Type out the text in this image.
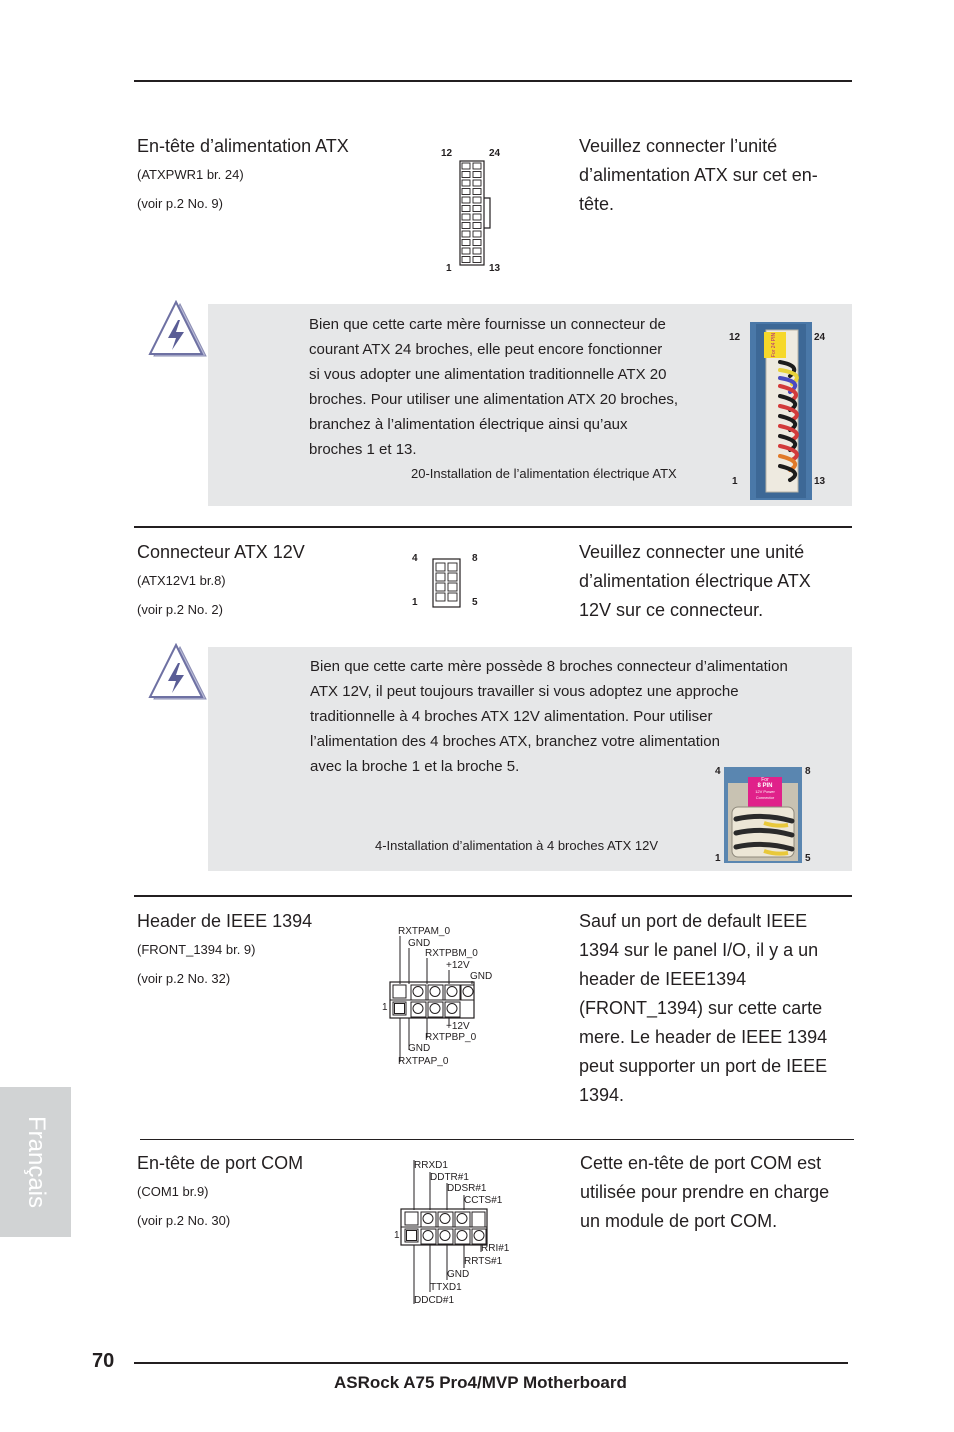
En-tête d’alimentation ATX
(ATXPWR1 br. 24)
(voir p.2 No. 9)
12	24
1	13
Veuillez connecter l’unité
d’alimentation ATX sur cet en-
tête.
Bien que cette carte mère fournisse un connecteur de
courant ATX 24 broches, elle peut encore fonctionner
si vous adopter une alimentation traditionnelle ATX 20
broches. Pour utiliser une alimentation ATX 20 broches,
branchez à l’alimentation électrique ainsi qu’aux
broches 1 et 13.
20-Installation de l’alimentation électrique ATX
12	24
1	13
For 24 PIN
Connecteur ATX 12V
(ATX12V1 br.8)
(voir p.2 No. 2)
4	8
1	5
Veuillez connecter une unité
d’alimentation électrique ATX
12V sur ce connecteur.
Bien que cette carte mère possède 8 broches connecteur d’alimentation
ATX 12V, il peut toujours travailler si vous adoptez une approche
traditionnelle à 4 broches ATX 12V alimentation. Pour utiliser
l’alimentation des 4 broches ATX, branchez votre alimentation
avec la broche 1 et la broche 5.
4-Installation d’alimentation à 4 broches ATX 12V
4	8
1	5
For
8 PIN
12V Power
Connector
Header de IEEE 1394
(FRONT_1394 br. 9)
(voir p.2 No. 32)
RXTPAM_0
GND
RXTPBM_0
+12V
GND
1
+12V
RXTPBP_0
GND
RXTPAP_0
Sauf un port de default IEEE
1394 sur le panel I/O, il y a un
header de IEEE1394
(FRONT_1394) sur cette carte
mere. Le header de IEEE 1394
peut supporter un port de IEEE
1394.
En-tête de port COM
(COM1 br.9)
(voir p.2 No. 30)
RRXD1
DDTR#1
DDSR#1
CCTS#1
1
RRI#1
RRTS#1
GND
TTXD1
DDCD#1
Cette en-tête de port COM est
utilisée pour prendre en charge
un module de port COM.
Français
70
ASRock A75 Pro4/MVP Motherboard
